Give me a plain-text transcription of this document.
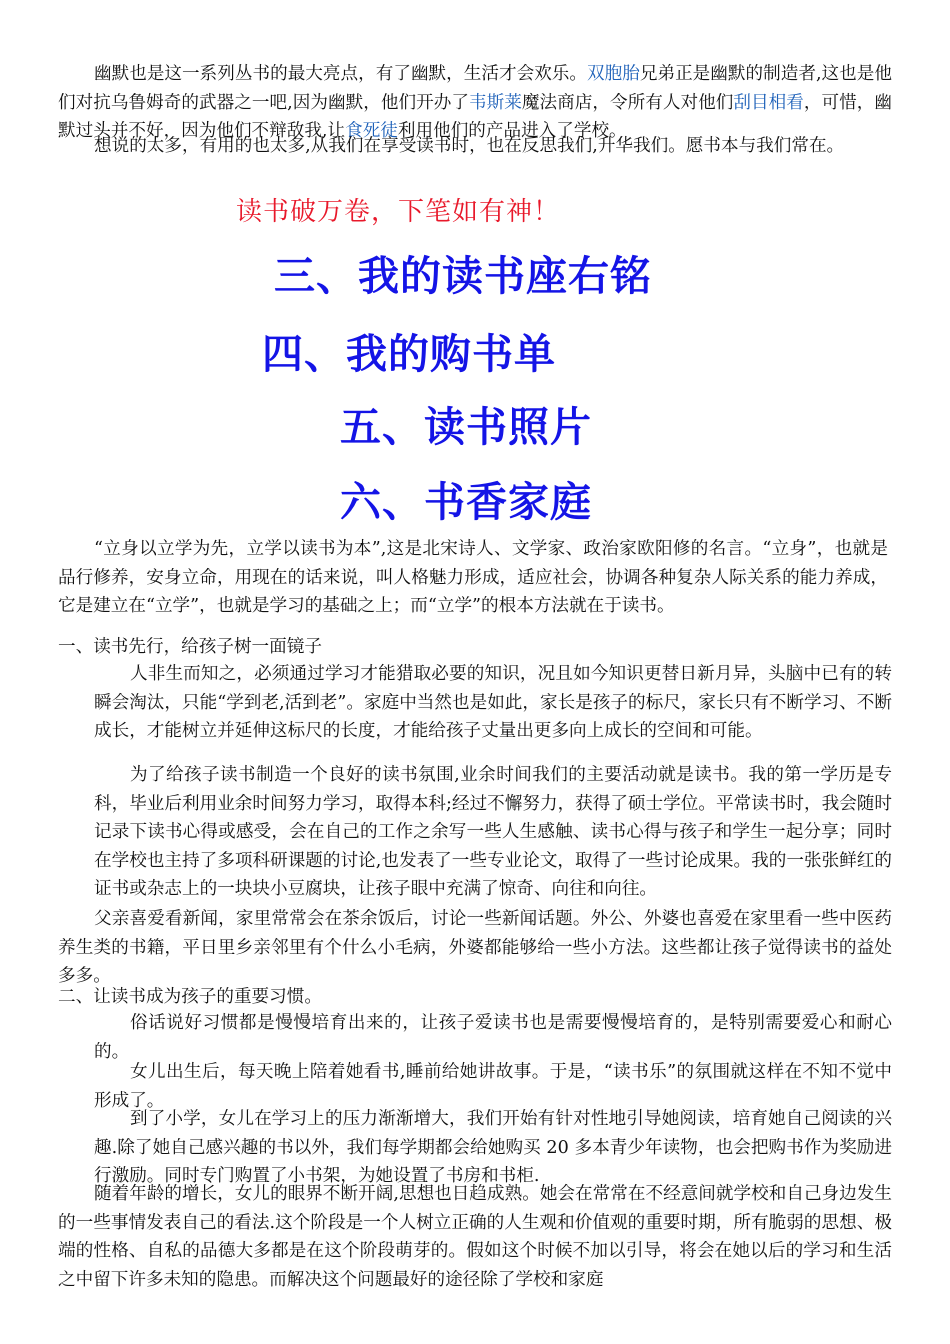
幽默也是这一系列丛书的最大亮点，有了幽默，生活才会欢乐。双胞胎兄弟正是幽默的制造者,这也是他们对抗乌鲁姆奇的武器之一吧,因为幽默，他们开办了韦斯莱魔法商店，令所有人对他们刮目相看，可惜，幽默过头并不好，因为他们不辩敌我,让食死徒利用他们的产品进入了学校。
想说的太多，有用的也太多,从我们在享受读书时，也在反思我们,升华我们。愿书本与我们常在。
读书破万卷，下笔如有神！
三、我的读书座右铭
四、我的购书单
五、读书照片
六、书香家庭
“立身以立学为先，立学以读书为本”,这是北宋诗人、文学家、政治家欧阳修的名言。“立身”，也就是品行修养，安身立命，用现在的话来说，叫人格魅力形成，适应社会，协调各种复杂人际关系的能力养成，它是建立在“立学”，也就是学习的基础之上；而“立学”的根本方法就在于读书。
一、读书先行，给孩子树一面镜子
人非生而知之，必须通过学习才能猎取必要的知识，况且如今知识更替日新月异，头脑中已有的转瞬会淘汰，只能“学到老,活到老”。家庭中当然也是如此，家长是孩子的标尺，家长只有不断学习、不断成长，才能树立并延伸这标尺的长度，才能给孩子丈量出更多向上成长的空间和可能。
为了给孩子读书制造一个良好的读书氛围,业余时间我们的主要活动就是读书。我的第一学历是专科，毕业后利用业余时间努力学习，取得本科;经过不懈努力，获得了硕士学位。平常读书时，我会随时记录下读书心得或感受，会在自己的工作之余写一些人生感触、读书心得与孩子和学生一起分享；同时在学校也主持了多项科研课题的讨论,也发表了一些专业论文，取得了一些讨论成果。我的一张张鲜红的证书或杂志上的一块块小豆腐块，让孩子眼中充满了惊奇、向往和向往。
父亲喜爱看新闻，家里常常会在茶余饭后，讨论一些新闻话题。外公、外婆也喜爱在家里看一些中医药养生类的书籍，平日里乡亲邻里有个什么小毛病，外婆都能够给一些小方法。这些都让孩子觉得读书的益处多多。
二、让读书成为孩子的重要习惯。
俗话说好习惯都是慢慢培育出来的，让孩子爱读书也是需要慢慢培育的，是特别需要爱心和耐心的。
女儿出生后，每天晚上陪着她看书,睡前给她讲故事。于是，“读书乐”的氛围就这样在不知不觉中形成了。
到了小学，女儿在学习上的压力渐渐增大，我们开始有针对性地引导她阅读，培育她自己阅读的兴趣.除了她自己感兴趣的书以外，我们每学期都会给她购买 20 多本青少年读物，也会把购书作为奖励进行激励。同时专门购置了小书架，为她设置了书房和书柜.
随着年龄的增长，女儿的眼界不断开阔,思想也日趋成熟。她会在常常在不经意间就学校和自己身边发生的一些事情发表自己的看法.这个阶段是一个人树立正确的人生观和价值观的重要时期，所有脆弱的思想、极端的性格、自私的品德大多都是在这个阶段萌芽的。假如这个时候不加以引导，将会在她以后的学习和生活之中留下许多未知的隐患。而解决这个问题最好的途径除了学校和家庭
